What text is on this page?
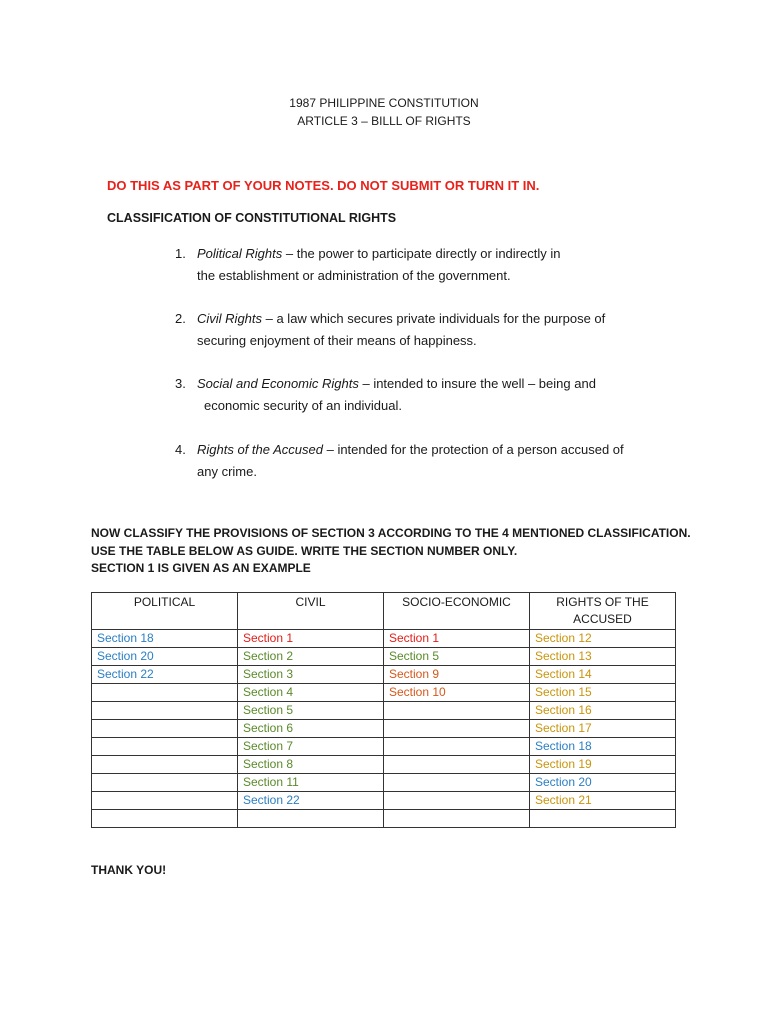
1987 PHILIPPINE CONSTITUTION
ARTICLE 3 – BILLL OF RIGHTS
DO THIS AS PART OF YOUR NOTES. DO NOT SUBMIT OR TURN IT IN.
CLASSIFICATION OF CONSTITUTIONAL RIGHTS
1. Political Rights – the power to participate directly or indirectly in
the establishment or administration of the government.
2. Civil Rights – a law which secures private individuals for the purpose of
securing enjoyment of their means of happiness.
3. Social and Economic Rights – intended to insure the well – being and
economic security of an individual.
4. Rights of the Accused – intended for the protection of a person accused of
any crime.
NOW CLASSIFY THE PROVISIONS OF SECTION 3 ACCORDING TO THE 4 MENTIONED CLASSIFICATION.
USE THE TABLE BELOW AS GUIDE. WRITE THE SECTION NUMBER ONLY.
SECTION 1 IS GIVEN AS AN EXAMPLE
POLITICAL	CIVIL	SOCIO-ECONOMIC	RIGHTS OF THE ACCUSED
Section 18	Section 1	Section 1	Section 12
Section 20	Section 2	Section 5	Section 13
Section 22	Section 3	Section 9	Section 14
	Section 4	Section 10	Section 15
	Section 5		Section 16
	Section 6		Section 17
	Section 7		Section 18
	Section 8		Section 19
	Section 11		Section 20
	Section 22		Section 21

THANK YOU!
